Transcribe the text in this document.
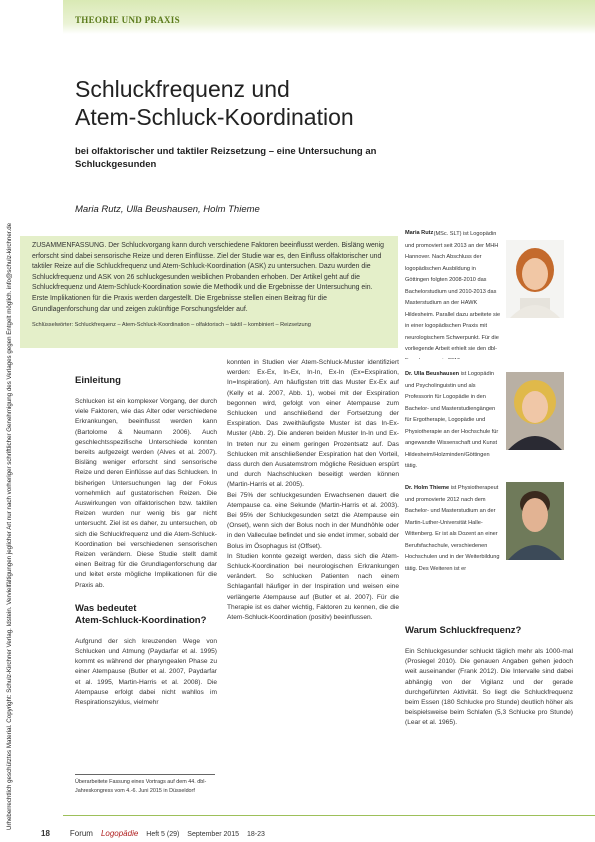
Urheberrechtlich geschütztes Material. Copyright: Schulz-Kirchner Verlag. Idstein. Vervielfältigungen jeglicher Art nur nach vorheriger schriftlicher Genehmigung des Verlages gegen Entgelt möglich. info@schulz-kirchner.de
THEORIE UND PRAXIS
Schluckfrequenz und
Atem-Schluck-Koordination
bei olfaktorischer und taktiler Reizsetzung – eine Untersuchung an Schluckgesunden
Maria Rutz, Ulla Beushausen, Holm Thieme

ZUSAMMENFASSUNG. Der Schluckvorgang kann durch verschiedene Faktoren beeinflusst werden. Bisläng wenig erforscht sind dabei sensorische Reize und deren Einflüsse. Ziel der Studie war es, den Einfluss olfaktorischer und taktiler Reize auf die Schluckfrequenz und Atem-Schluck-Koordination (ASK) zu untersuchen. Dazu wurden die Schluckfrequenz und ASK von 26 schluckgesunden weiblichen Probanden erhoben. Der Artikel geht auf die Schluckfrequenz und Atem-Schluck-Koordination sowie die Methodik und die Ergebnisse der Untersuchung ein. Erste Implikationen für die Praxis werden dargestellt. Die Ergebnisse stellen einen Beitrag für die Grundlagenforschung dar und zeigen zukünftige Forschungsfelder auf.

Schlüsselwörter: Schluckfrequenz – Atem-Schluck-Koordination – olfaktorisch – taktil – kombiniert – Reizsetzung

Maria Rutz (MSc. SLT) ist Logopädin und promoviert seit 2013 an der MHH Hannover. Nach Abschluss der logopädischen Ausbildung in Göttingen folgten 2008-2010 das Bachelorstudium und 2010-2013 das Masterstudium an der HAWK Hildesheim. Parallel dazu arbeitete sie in einer logopädischen Praxis mit neurologischem Schwerpunkt. Für die vorliegende Arbeit erhielt sie den dbl-
Dr. Ulla Beushausen ist Logopädin und Psycholinguistin und als Professorin für Logopädie in den Bachelor- und Masterstudiengängen für Ergotherapie, Logopädie und Physiotherapie an der Hochschule für angewandte Wissenschaft und Kunst Hildesheim/Holzminden/Göttingen tätig.
Dr. Holm Thieme ist Physiotherapeut und promovierte 2012 nach dem Bachelor- und Masterstudium an der Martin-Luther-Universität Halle-Wittenberg. Er ist als Dozent an einer Berufsfachschule, verschiedenen Hochschulen und in der Weiterbildung tätig. Des Weiteren ist er
Einleitung

Schlucken ist ein komplexer Vorgang, der durch viele Faktoren, wie das Alter oder verschiedene Erkrankungen, beeinflusst werden kann (Bartolome & Neumann 2006). Auch geschlechtsspezifische Unterschiede konnten bereits aufgezeigt werden (Alves et al. 2007). Bisläng weniger erforscht sind sensorische Reize und deren Einflüsse auf das Schlucken. In bisherigen Untersuchungen lag der Fokus vornehmlich auf gustatorischen Reizen. Die Auswirkungen von olfaktorischen bzw. taktilen Reizen wurden nur wenig bis gar nicht untersucht. Ziel ist es daher, zu untersuchen, ob sich die Schluckfrequenz und die Atem-Schluck-Koordination bei verschiedenen sensorischen Reizen verändern. Diese Studie stellt damit einen Beitrag für die Grundlagenforschung dar und leitet erste mögliche Implikationen für die Praxis ab.

Was bedeutet
Atem-Schluck-Koordination?

Aufgrund der sich kreuzenden Wege von Schlucken und Atmung (Paydarfar et al. 1995) kommt es während der pharyngealen Phase zu einer Atempause (Butler et al. 2007, Paydarfar et al. 1995, Martin-Harris et al. 2008). Die Atempause erfolgt dabei nicht wahllos im Respirationszyklus, vielmehr

konnten in Studien vier Atem-Schluck-Muster identifiziert werden: Ex-Ex, In-Ex, In-In, Ex-In (Ex=Exspiration, In=Inspiration). Am häufigsten tritt das Muster Ex-Ex auf (Kelly et al. 2007, Abb. 1), wobei mit der Exspiration begonnen wird, gefolgt von einer Atempause zum Schlucken und anschließend der Fortsetzung der Exspiration. Das zweithäufigste Muster ist das In-Ex-Muster (Abb. 2). Die anderen beiden Muster In-In und Ex-In treten nur zu einem geringen Prozentsatz auf. Das Schlucken mit anschließender Exspiration hat den Vorteil, dass durch den Ausatemstrom mögliche Residuen erspürt und durch Nachschlucken beseitigt werden können (Martin-Harris et al. 2005).

Bei 75% der schluckgesunden Erwachsenen dauert die Atempause ca. eine Sekunde (Martin-Harris et al. 2003). Bei 95% der Schluckgesunden setzt die Atempause ein (Onset), wenn sich der Bolus noch in der Mundhöhle oder in den Valleculae befindet und sie endet immer, sobald der Bolus im Ösophagus ist (Offset).

In Studien konnte gezeigt werden, dass sich die Atem-Schluck-Koordination bei neurologischen Erkrankungen verändert. So schlucken Patienten nach einem Schlaganfall häufiger in der Inspiration und weisen eine verlängerte Atempause auf (Butler et al. 2007). Für die Therapie ist es daher wichtig, Faktoren zu kennen, die die Atem-Schluck-Koordination (positiv) beeinflussen.

Warum Schluckfrequenz?

Ein Schluckgesunder schluckt täglich mehr als 1000-mal (Prosiegel 2010). Die genauen Angaben gehen jedoch weit auseinander (Frank 2012). Die Intervalle sind dabei abhängig von der Vigilanz und der gerade durchgeführten Aktivität. So liegt die Schluckfrequenz beim Essen (180 Schlucke pro Stunde) deutlich höher als beispielsweise beim Schlafen (5,3 Schlucke pro Stunde) (Lear et al. 1965).

Überarbeitete Fassung eines Vortrags auf dem 44. dbl-Jahreskongress vom 4.-6. Juni 2015 in Düsseldorf
18 Forum Logopädie Heft 5 (29) September 2015 18-23
